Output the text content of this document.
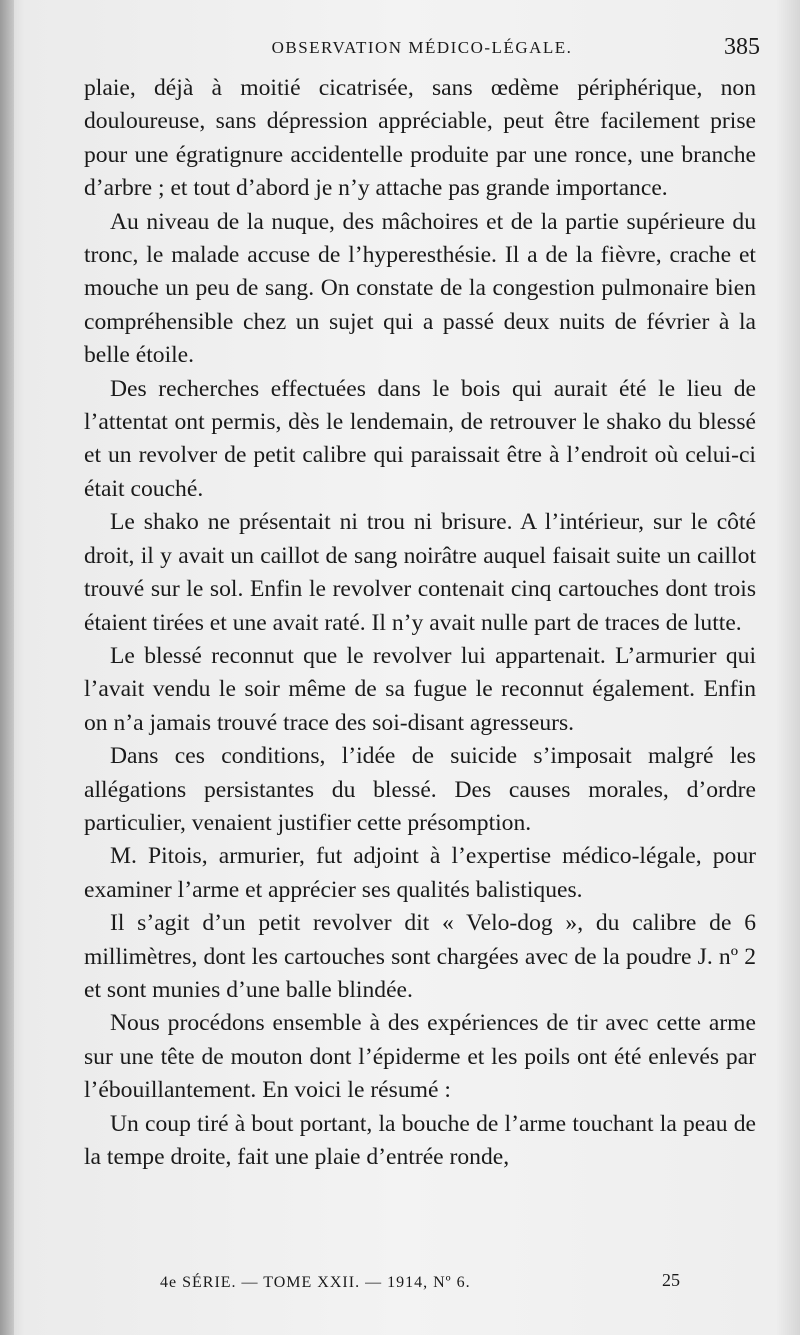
OBSERVATION MÉDICO-LÉGALE.	385

plaie, déjà à moitié cicatrisée, sans œdème périphérique, non douloureuse, sans dépression appréciable, peut être facilement prise pour une égratignure accidentelle produite par une ronce, une branche d’arbre ; et tout d’abord je n’y attache pas grande importance.

Au niveau de la nuque, des mâchoires et de la partie supérieure du tronc, le malade accuse de l’hyperesthésie. Il a de la fièvre, crache et mouche un peu de sang. On constate de la congestion pulmonaire bien compréhensible chez un sujet qui a passé deux nuits de février à la belle étoile.

Des recherches effectuées dans le bois qui aurait été le lieu de l’attentat ont permis, dès le lendemain, de retrouver le shako du blessé et un revolver de petit calibre qui paraissait être à l’endroit où celui-ci était couché.

Le shako ne présentait ni trou ni brisure. A l’intérieur, sur le côté droit, il y avait un caillot de sang noirâtre auquel faisait suite un caillot trouvé sur le sol. Enfin le revolver contenait cinq cartouches dont trois étaient tirées et une avait raté. Il n’y avait nulle part de traces de lutte.

Le blessé reconnut que le revolver lui appartenait. L’armurier qui l’avait vendu le soir même de sa fugue le reconnut également. Enfin on n’a jamais trouvé trace des soi-disant agresseurs.

Dans ces conditions, l’idée de suicide s’imposait malgré les allégations persistantes du blessé. Des causes morales, d’ordre particulier, venaient justifier cette présomption.

M. Pitois, armurier, fut adjoint à l’expertise médico-légale, pour examiner l’arme et apprécier ses qualités balistiques.

Il s’agit d’un petit revolver dit « Velo-dog », du calibre de 6 millimètres, dont les cartouches sont chargées avec de la poudre J. nº 2 et sont munies d’une balle blindée.

Nous procédons ensemble à des expériences de tir avec cette arme sur une tête de mouton dont l’épiderme et les poils ont été enlevés par l’ébouillantement. En voici le résumé :

Un coup tiré à bout portant, la bouche de l’arme touchant la peau de la tempe droite, fait une plaie d’entrée ronde,

4e SÉRIE. — TOME XXII. — 1914, Nº 6.	25
